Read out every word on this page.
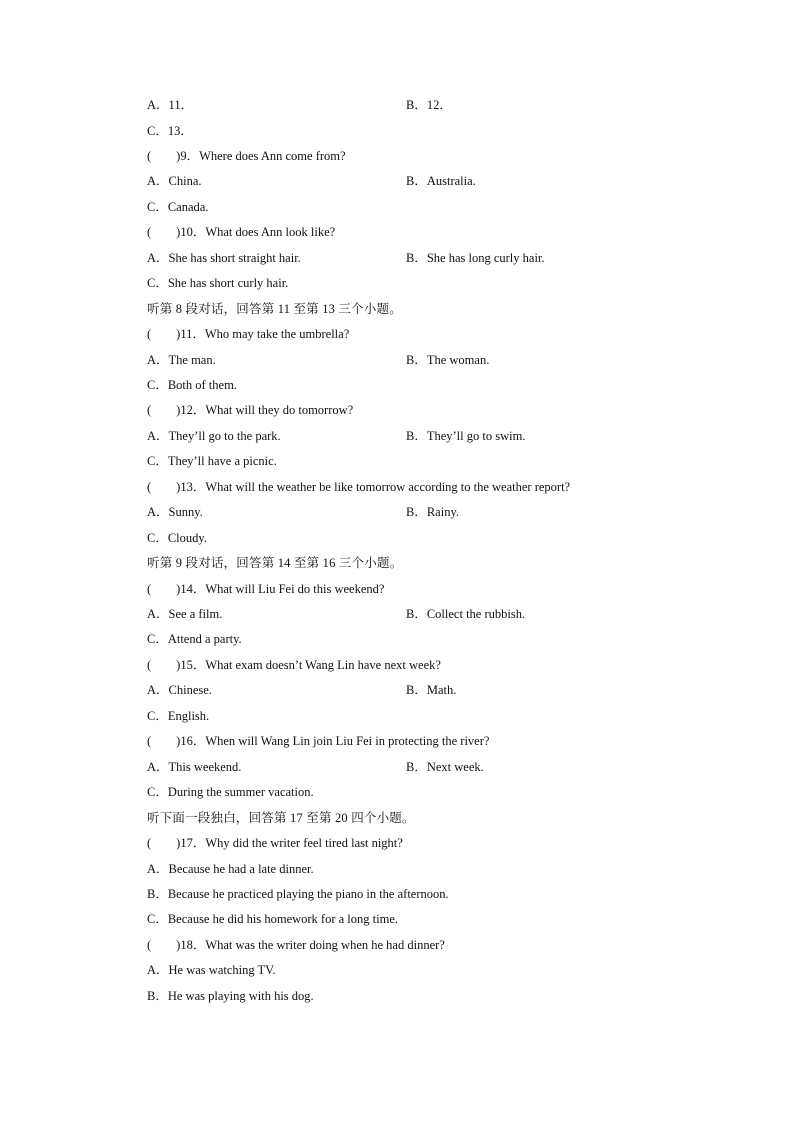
A．11．	B．12．
C．13．
(　　)9．Where does Ann come from?
A．China.	B．Australia.
C．Canada.
(　　)10．What does Ann look like?
A．She has short straight hair.	B．She has long curly hair.
C．She has short curly hair.
听第 8 段对话，回答第 11 至第 13 三个小题。
(　　)11．Who may take the umbrella?
A．The man.	B．The woman.
C．Both of them.
(　　)12．What will they do tomorrow?
A．They’ll go to the park.	B．They’ll go to swim.
C．They’ll have a picnic.
(　　)13．What will the weather be like tomorrow according to the weather report?
A．Sunny.	B．Rainy.
C．Cloudy.
听第 9 段对话，回答第 14 至第 16 三个小题。
(　　)14．What will Liu Fei do this weekend?
A．See a film.	B．Collect the rubbish.
C．Attend a party.
(　　)15．What exam doesn’t Wang Lin have next week?
A．Chinese.	B．Math.
C．English.
(　　)16．When will Wang Lin join Liu Fei in protecting the river?
A．This weekend.	B．Next week.
C．During the summer vacation.
听下面一段独白，回答第 17 至第 20 四个小题。
(　　)17．Why did the writer feel tired last night?
A．Because he had a late dinner.
B．Because he practiced playing the piano in the afternoon.
C．Because he did his homework for a long time.
(　　)18．What was the writer doing when he had dinner?
A．He was watching TV.
B．He was playing with his dog.
